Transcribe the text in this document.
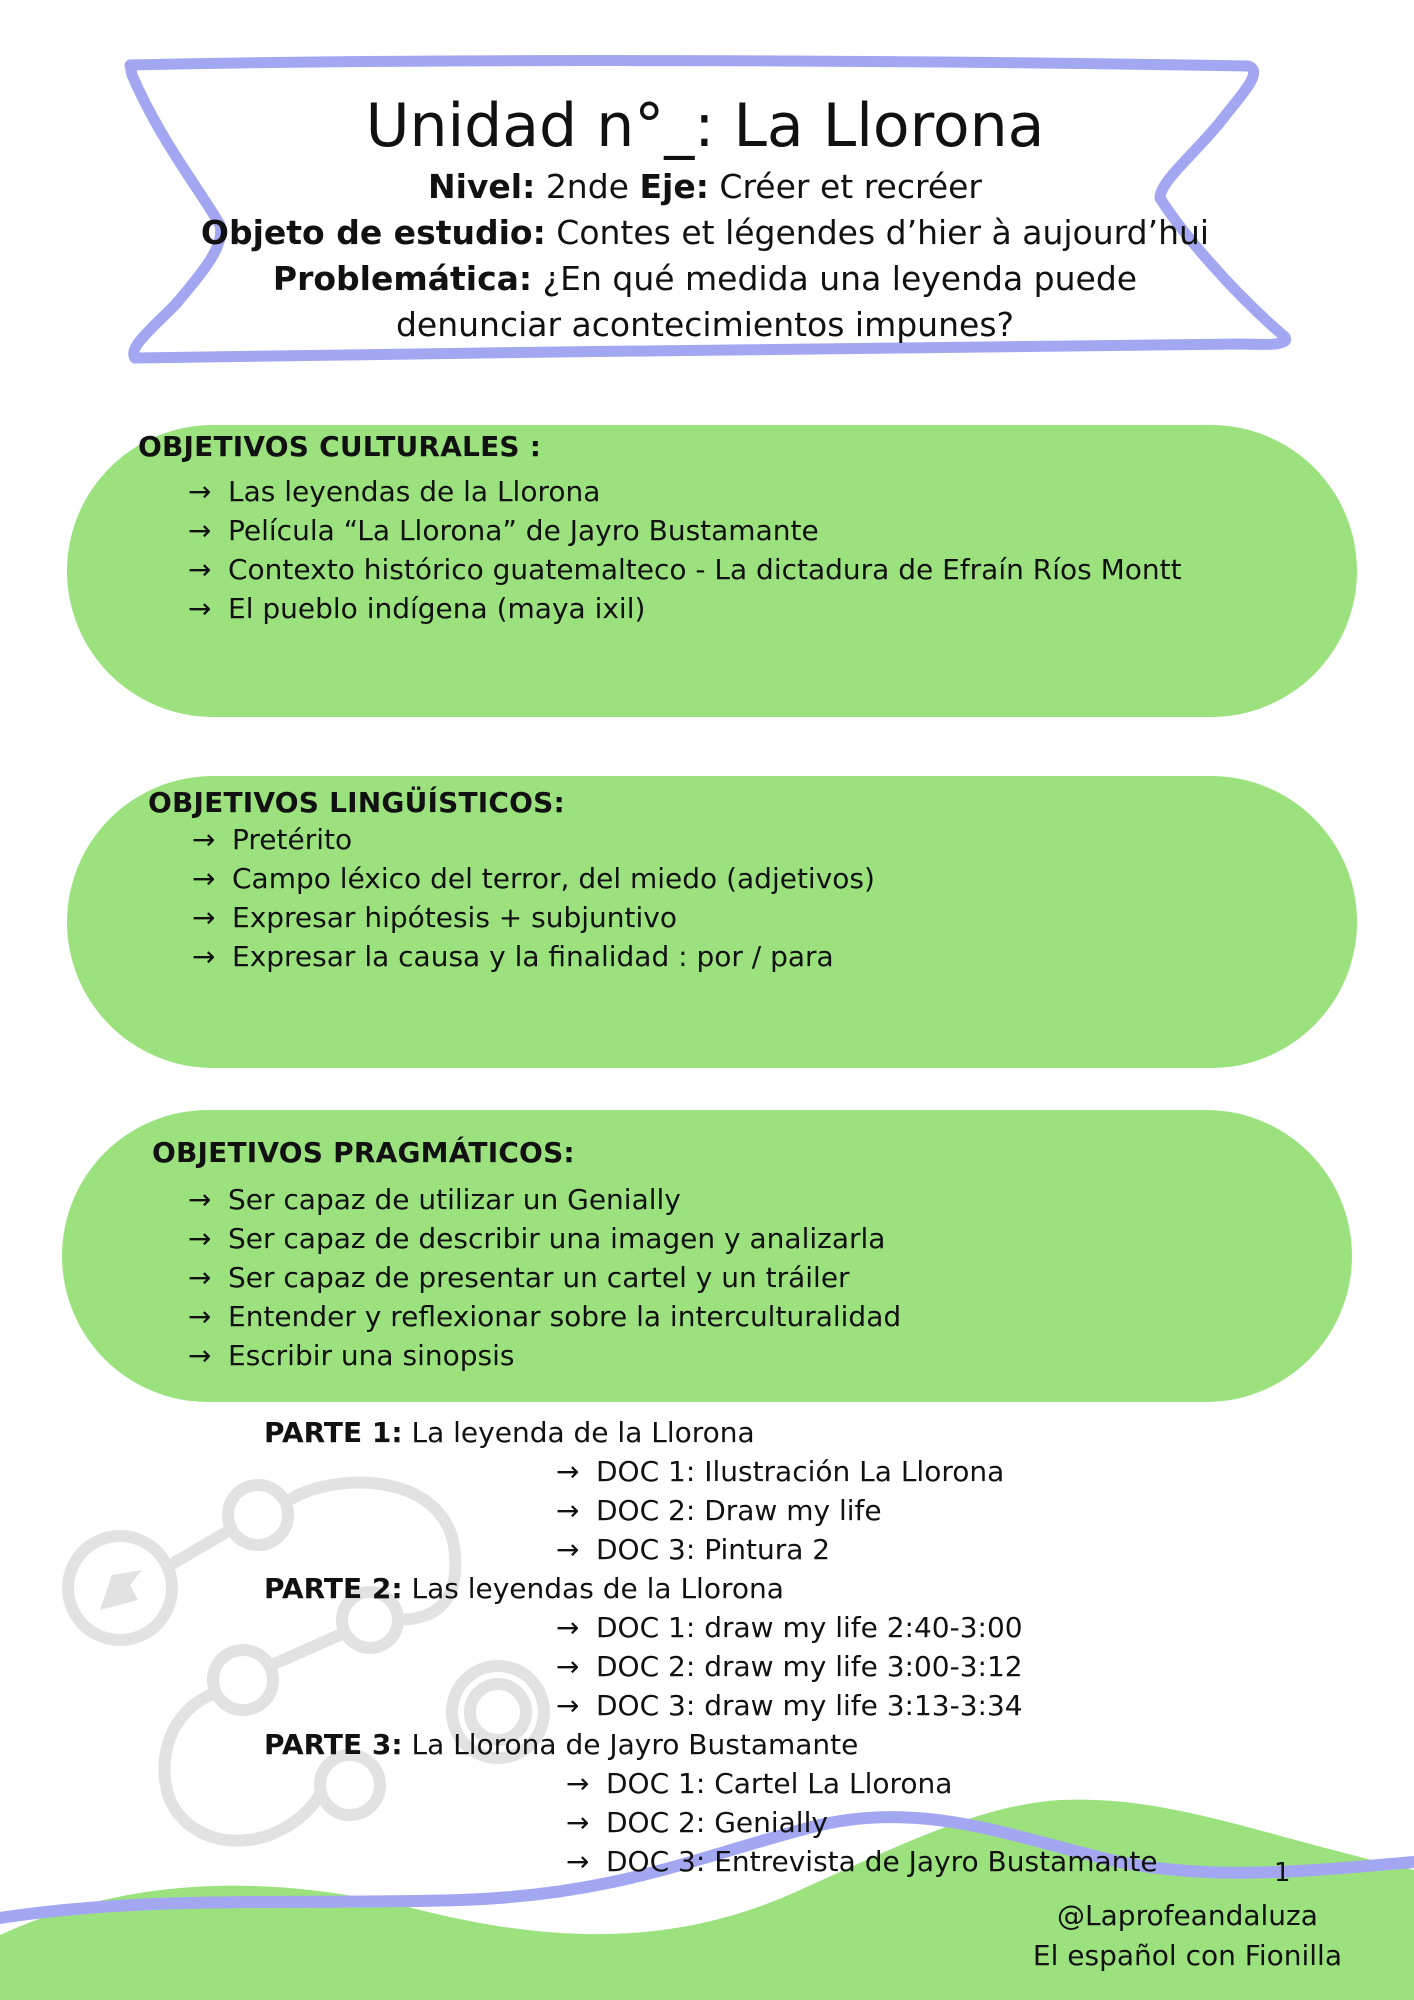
Unidad n°_: La Llorona
Nivel: 2nde Eje: Créer et recréer
Objeto de estudio: Contes et légendes d’hier à aujourd’hui
Problemática: ¿En qué medida una leyenda puede
denunciar acontecimientos impunes?
OBJETIVOS CULTURALES :
→ Las leyendas de la Llorona
→ Película “La Llorona” de Jayro Bustamante
→ Contexto histórico guatemalteco - La dictadura de Efraín Ríos Montt
→ El pueblo indígena (maya ixil)
OBJETIVOS LINGÜÍSTICOS:
→ Pretérito
→ Campo léxico del terror, del miedo (adjetivos)
→ Expresar hipótesis + subjuntivo
→ Expresar la causa y la finalidad : por / para
OBJETIVOS PRAGMÁTICOS:
→ Ser capaz de utilizar un Genially
→ Ser capaz de describir una imagen y analizarla
→ Ser capaz de presentar un cartel y un tráiler
→ Entender y reflexionar sobre la interculturalidad
→ Escribir una sinopsis
PARTE 1: La leyenda de la Llorona
→ DOC 1: Ilustración La Llorona
→ DOC 2: Draw my life
→ DOC 3: Pintura 2
PARTE 2: Las leyendas de la Llorona
→ DOC 1: draw my life 2:40-3:00
→ DOC 2: draw my life 3:00-3:12
→ DOC 3: draw my life 3:13-3:34
PARTE 3: La Llorona de Jayro Bustamante
→ DOC 1: Cartel La Llorona
→ DOC 2: Genially
→ DOC 3: Entrevista de Jayro Bustamante	1
@Laprofeandaluza
El español con Fionilla
